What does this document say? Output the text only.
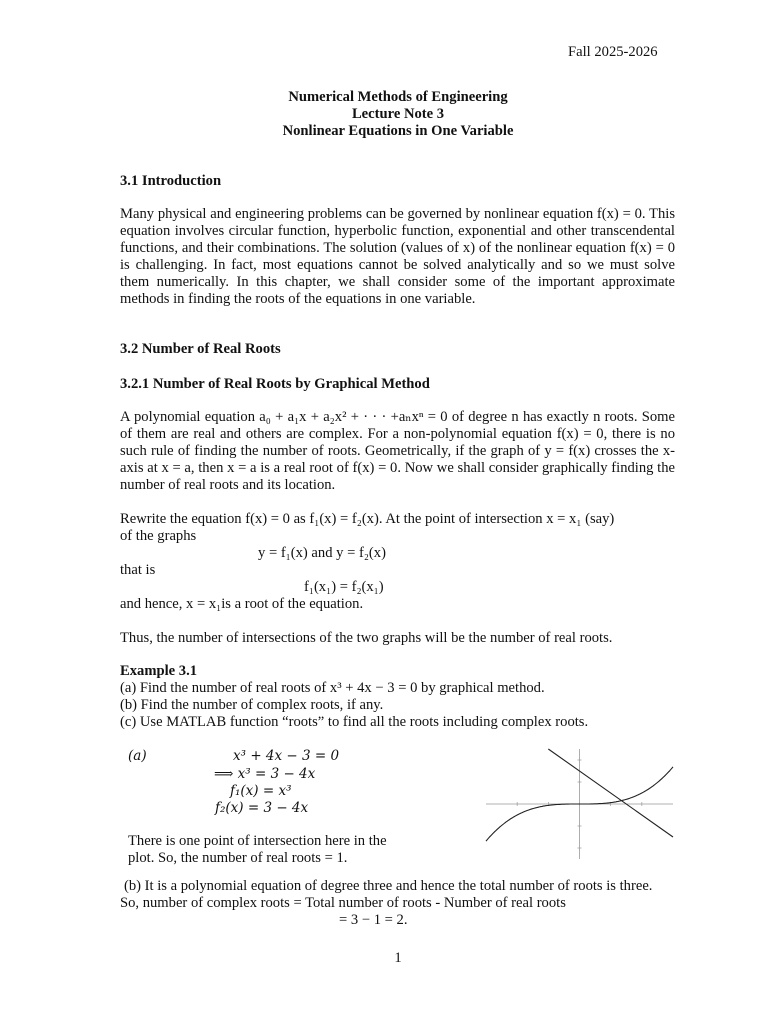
Fall 2025-2026
Numerical Methods of Engineering
Lecture Note 3
Nonlinear Equations in One Variable
3.1 Introduction
Many physical and engineering problems can be governed by nonlinear equation f(x) = 0. This equation involves circular function, hyperbolic function, exponential and other transcendental functions, and their combinations. The solution (values of x) of the nonlinear equation f(x) = 0 is challenging. In fact, most equations cannot be solved analytically and so we must solve them numerically. In this chapter, we shall consider some of the important approximate methods in finding the roots of the equations in one variable.
3.2 Number of Real Roots
3.2.1 Number of Real Roots by Graphical Method
A polynomial equation a₀ + a₁x + a₂x² + · · · +aₙxⁿ = 0 of degree n has exactly n roots. Some of them are real and others are complex. For a non-polynomial equation f(x) = 0, there is no such rule of finding the number of roots. Geometrically, if the graph of y = f(x) crosses the x-axis at x = a, then x = a is a real root of f(x) = 0. Now we shall consider graphically finding the number of real roots and its location.
Rewrite the equation f(x) = 0 as f₁(x) = f₂(x). At the point of intersection x = x₁ (say)
of the graphs
y = f₁(x) and y = f₂(x)
that is
f₁(x₁) = f₂(x₁)
and hence, x = x₁is a root of the equation.
Thus, the number of intersections of the two graphs will be the number of real roots.
Example 3.1
(a) Find the number of real roots of x³ + 4x − 3 = 0 by graphical method.
(b) Find the number of complex roots, if any.
(c) Use MATLAB function “roots” to find all the roots including complex roots.
(a)	x³ + 4x − 3 = 0
⟹ x³ = 3 − 4x
f₁(x) = x³
f₂(x) = 3 − 4x
There is one point of intersection here in the
plot. So, the number of real roots = 1.
(b) It is a polynomial equation of degree three and hence the total number of roots is three.
So, number of complex roots = Total number of roots - Number of real roots
= 3 − 1 = 2.
1
